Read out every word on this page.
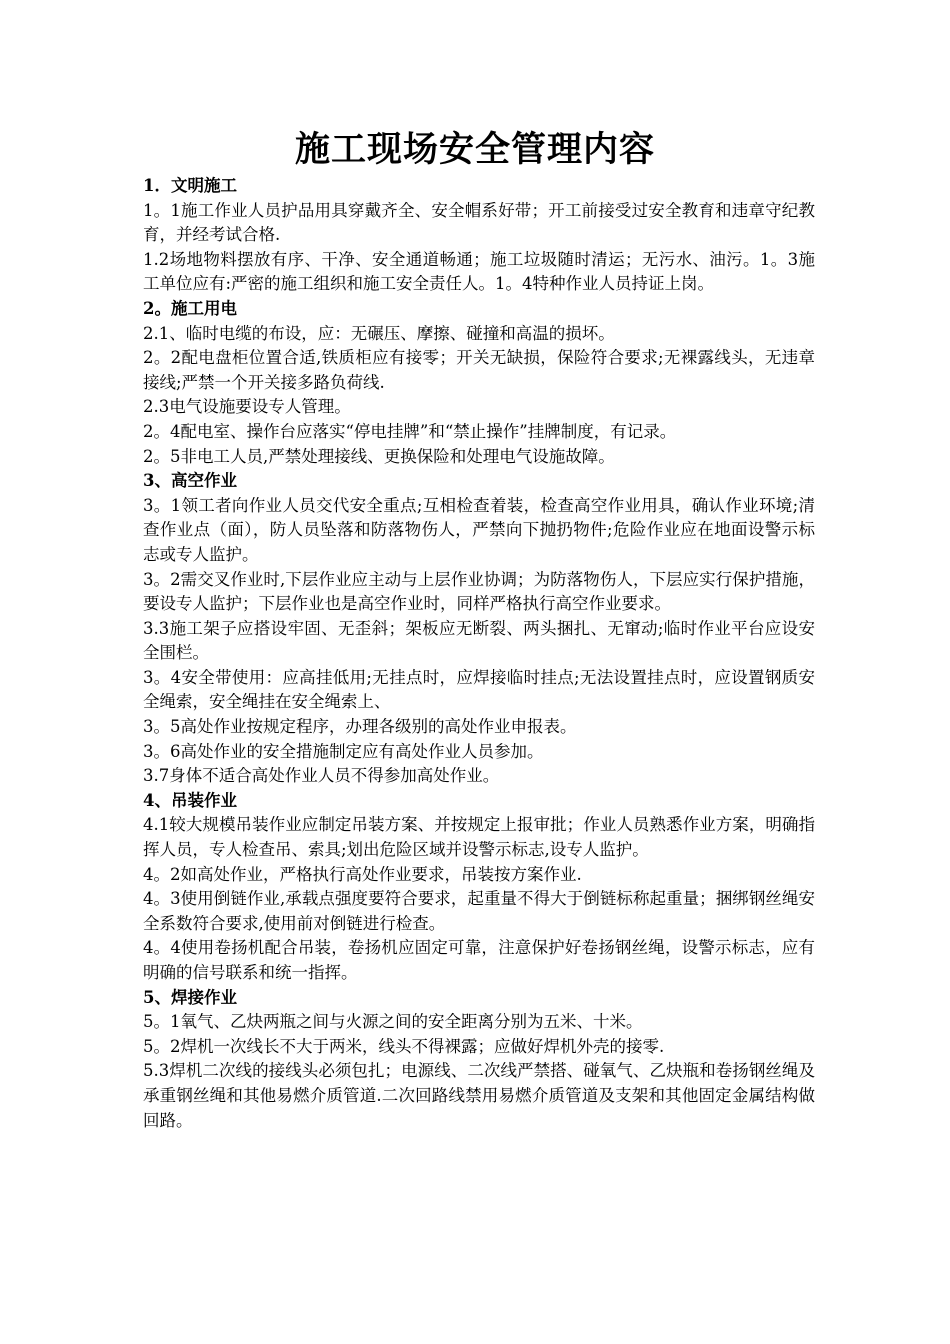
施工现场安全管理内容

1．文明施工

1。1施工作业人员护品用具穿戴齐全、安全帽系好带；开工前接受过安全教育和违章守纪教育，并经考试合格.

1.2场地物料摆放有序、干净、安全通道畅通；施工垃圾随时清运；无污水、油污。1。3施工单位应有:严密的施工组织和施工安全责任人。1。4特种作业人员持证上岗。

2。施工用电

2.1、临时电缆的布设，应：无碾压、摩擦、碰撞和高温的损坏。

2。2配电盘柜位置合适,铁质柜应有接零；开关无缺损，保险符合要求;无裸露线头，无违章接线;严禁一个开关接多路负荷线.

2.3电气设施要设专人管理。

2。4配电室、操作台应落实“停电挂牌”和“禁止操作”挂牌制度，有记录。

2。5非电工人员,严禁处理接线、更换保险和处理电气设施故障。

3、高空作业

3。1领工者向作业人员交代安全重点;互相检查着装，检查高空作业用具，确认作业环境;清查作业点（面），防人员坠落和防落物伤人，严禁向下抛扔物件;危险作业应在地面设警示标志或专人监护。

3。2需交叉作业时,下层作业应主动与上层作业协调；为防落物伤人，下层应实行保护措施，要设专人监护；下层作业也是高空作业时，同样严格执行高空作业要求。

3.3施工架子应搭设牢固、无歪斜；架板应无断裂、两头捆扎、无窜动;临时作业平台应设安全围栏。

3。4安全带使用：应高挂低用;无挂点时，应焊接临时挂点;无法设置挂点时，应设置钢质安全绳索，安全绳挂在安全绳索上、

3。5高处作业按规定程序，办理各级别的高处作业申报表。

3。6高处作业的安全措施制定应有高处作业人员参加。

3.7身体不适合高处作业人员不得参加高处作业。

4、吊装作业

4.1较大规模吊装作业应制定吊装方案、并按规定上报审批；作业人员熟悉作业方案，明确指挥人员，专人检查吊、索具;划出危险区域并设警示标志,设专人监护。

4。2如高处作业，严格执行高处作业要求，吊装按方案作业.

4。3使用倒链作业,承载点强度要符合要求，起重量不得大于倒链标称起重量；捆绑钢丝绳安全系数符合要求,使用前对倒链进行检查。

4。4使用卷扬机配合吊装，卷扬机应固定可靠，注意保护好卷扬钢丝绳，设警示标志，应有明确的信号联系和统一指挥。

5、焊接作业

5。1氧气、乙炔两瓶之间与火源之间的安全距离分别为五米、十米。

5。2焊机一次线长不大于两米，线头不得裸露；应做好焊机外壳的接零.

5.3焊机二次线的接线头必须包扎；电源线、二次线严禁搭、碰氧气、乙炔瓶和卷扬钢丝绳及承重钢丝绳和其他易燃介质管道.二次回路线禁用易燃介质管道及支架和其他固定金属结构做回路。
